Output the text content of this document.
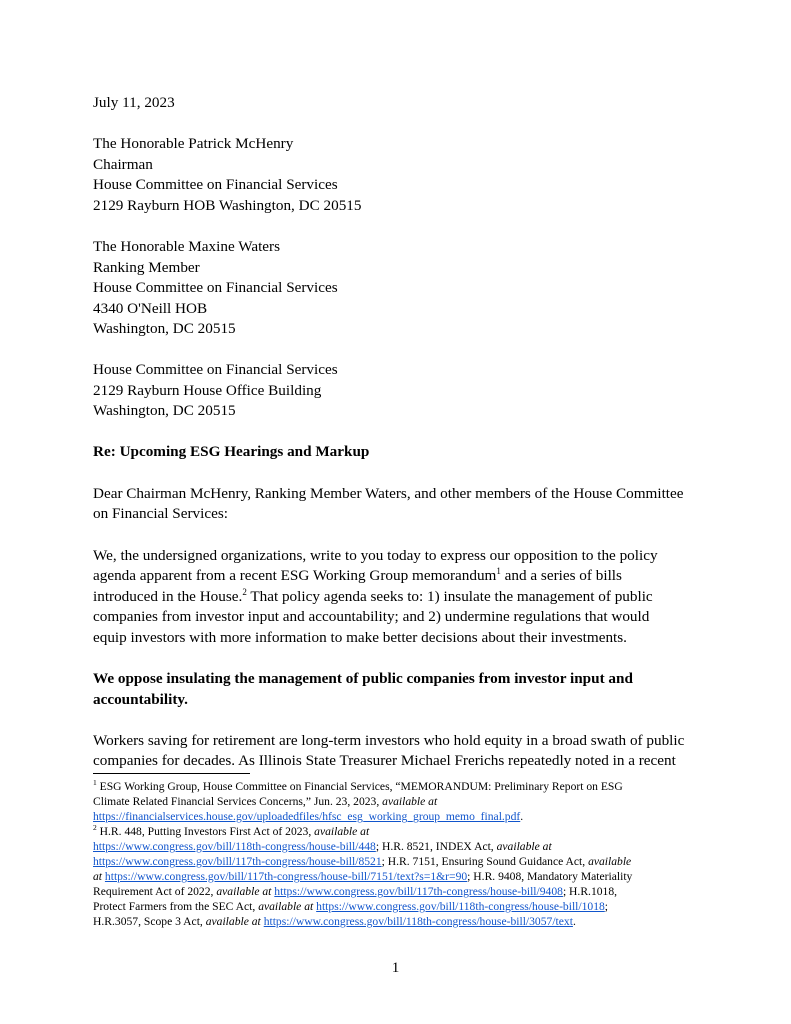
July 11, 2023
The Honorable Patrick McHenry
Chairman
House Committee on Financial Services
2129 Rayburn HOB Washington, DC 20515
The Honorable Maxine Waters
Ranking Member
House Committee on Financial Services
4340 O'Neill HOB
Washington, DC 20515
House Committee on Financial Services
2129 Rayburn House Office Building
Washington, DC 20515
Re: Upcoming ESG Hearings and Markup
Dear Chairman McHenry, Ranking Member Waters, and other members of the House Committee
on Financial Services:
We, the undersigned organizations, write to you today to express our opposition to the policy
agenda apparent from a recent ESG Working Group memorandum$^1$ and a series of bills
introduced in the House.$^2$ That policy agenda seeks to: 1) insulate the management of public
companies from investor input and accountability; and 2) undermine regulations that would
equip investors with more information to make better decisions about their investments.
We oppose insulating the management of public companies from investor input and
accountability.
Workers saving for retirement are long-term investors who hold equity in a broad swath of public
companies for decades. As Illinois State Treasurer Michael Frerichs repeatedly noted in a recent
$^1$ ESG Working Group, House Committee on Financial Services, “MEMORANDUM: Preliminary Report on ESG
Climate Related Financial Services Concerns,” Jun. 23, 2023, available at
https://financialservices.house.gov/uploadedfiles/hfsc_esg_working_group_memo_final.pdf.
$^2$ H.R. 448, Putting Investors First Act of 2023, available at
https://www.congress.gov/bill/118th-congress/house-bill/448; H.R. 8521, INDEX Act, available at
https://www.congress.gov/bill/117th-congress/house-bill/8521; H.R. 7151, Ensuring Sound Guidance Act, available
at https://www.congress.gov/bill/117th-congress/house-bill/7151/text?s=1&r=90; H.R. 9408, Mandatory Materiality
Requirement Act of 2022, available at https://www.congress.gov/bill/117th-congress/house-bill/9408; H.R.1018,
Protect Farmers from the SEC Act, available at https://www.congress.gov/bill/118th-congress/house-bill/1018;
H.R.3057, Scope 3 Act, available at https://www.congress.gov/bill/118th-congress/house-bill/3057/text.
1
